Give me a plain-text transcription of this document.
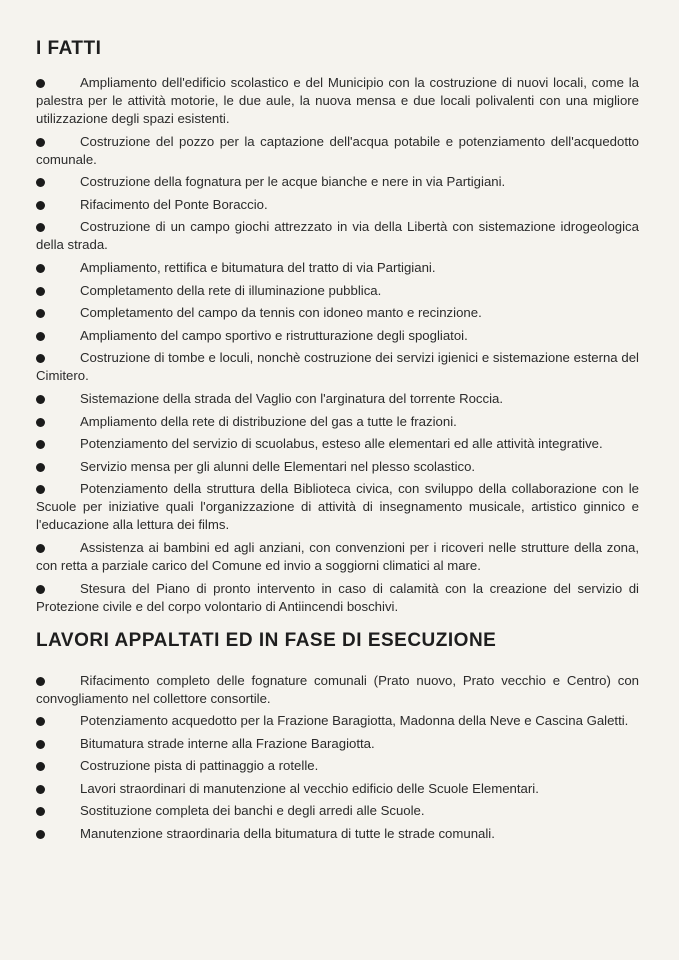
I FATTI
Ampliamento dell'edificio scolastico e del Municipio con la costruzione di nuovi locali, come la palestra per le attività motorie, le due aule, la nuova mensa e due locali polivalenti con una migliore utilizzazione degli spazi esistenti.
Costruzione del pozzo per la captazione dell'acqua potabile e potenziamento dell'acquedotto comunale.
Costruzione della fognatura per le acque bianche e nere in via Partigiani.
Rifacimento del Ponte Boraccio.
Costruzione di un campo giochi attrezzato in via della Libertà con sistemazione idrogeologica della strada.
Ampliamento, rettifica e bitumatura del tratto di via Partigiani.
Completamento della rete di illuminazione pubblica.
Completamento del campo da tennis con idoneo manto e recinzione.
Ampliamento del campo sportivo e ristrutturazione degli spogliatoi.
Costruzione di tombe e loculi, nonchè costruzione dei servizi igienici e sistemazione esterna del Cimitero.
Sistemazione della strada del Vaglio con l'arginatura del torrente Roccia.
Ampliamento della rete di distribuzione del gas a tutte le frazioni.
Potenziamento del servizio di scuolabus, esteso alle elementari ed alle attività integrative.
Servizio mensa per gli alunni delle Elementari nel plesso scolastico.
Potenziamento della struttura della Biblioteca civica, con sviluppo della collaborazione con le Scuole per iniziative quali l'organizzazione di attività di insegnamento musicale, artistico ginnico e l'educazione alla lettura dei films.
Assistenza ai bambini ed agli anziani, con convenzioni per i ricoveri nelle strutture della zona, con retta a parziale carico del Comune ed invio a soggiorni climatici al mare.
Stesura del Piano di pronto intervento in caso di calamità con la creazione del servizio di Protezione civile e del corpo volontario di Antiincendi boschivi.
LAVORI APPALTATI ED IN FASE DI ESECUZIONE
Rifacimento completo delle fognature comunali (Prato nuovo, Prato vecchio e Centro) con convogliamento nel collettore consortile.
Potenziamento acquedotto per la Frazione Baragiotta, Madonna della Neve e Cascina Galetti.
Bitumatura strade interne alla Frazione Baragiotta.
Costruzione pista di pattinaggio a rotelle.
Lavori straordinari di manutenzione al vecchio edificio delle Scuole Elementari.
Sostituzione completa dei banchi e degli arredi alle Scuole.
Manutenzione straordinaria della bitumatura di tutte le strade comunali.
